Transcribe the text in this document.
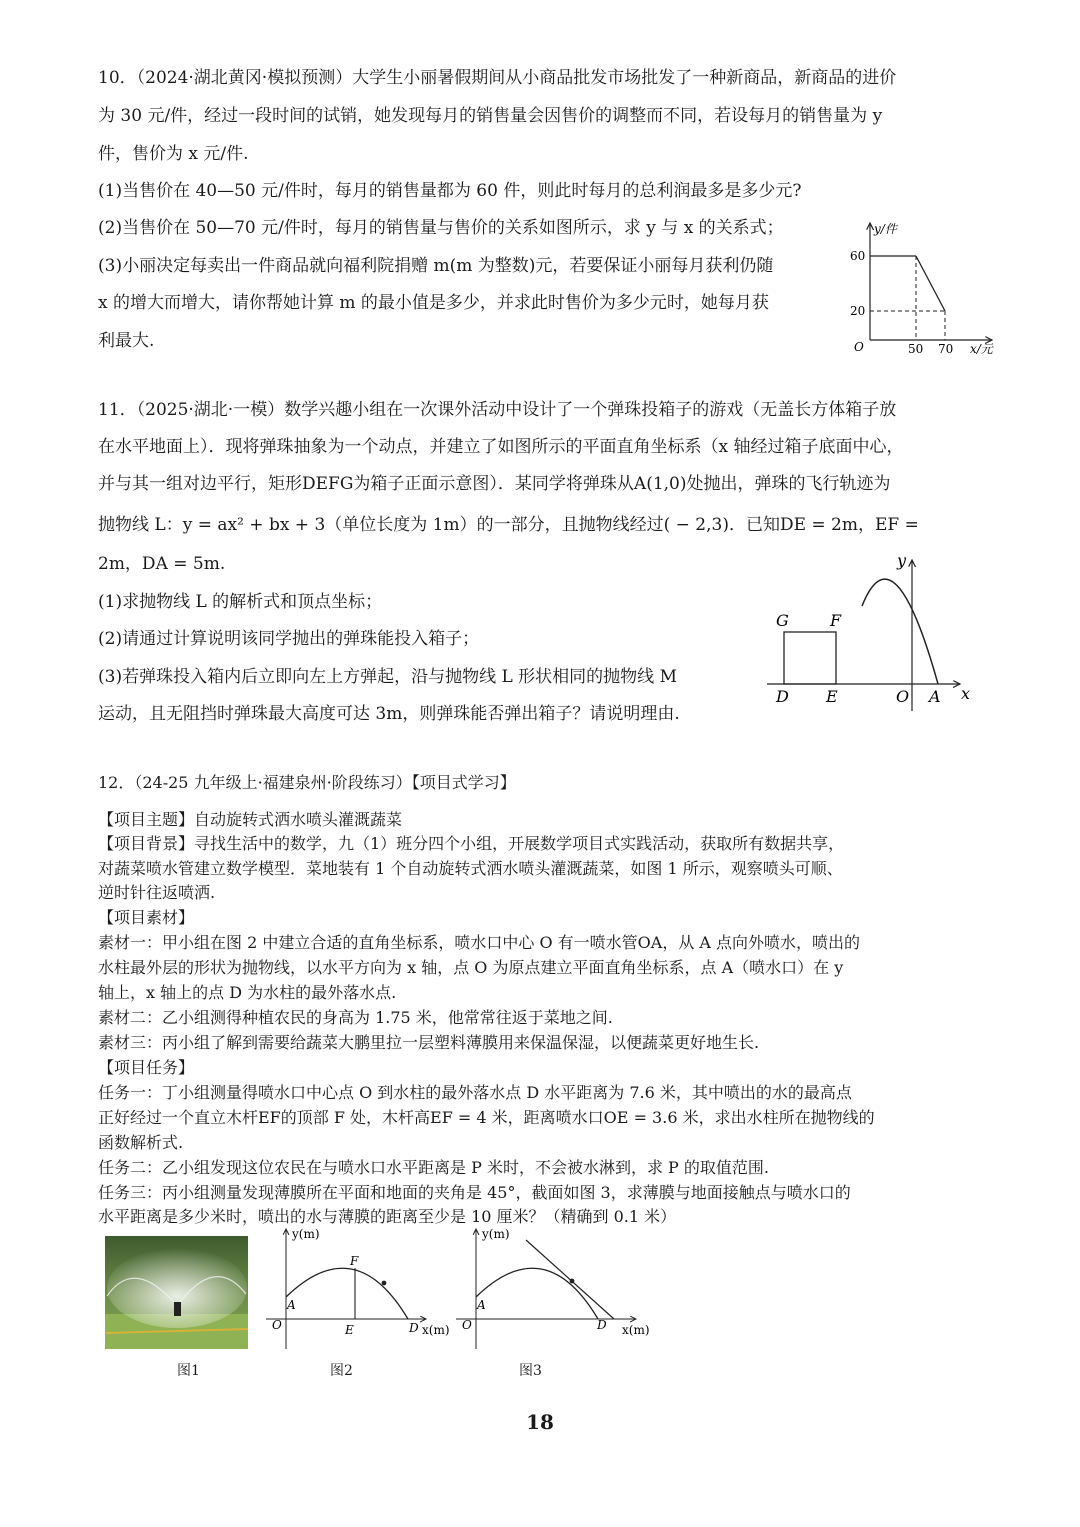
10．（2024·湖北黄冈·模拟预测）大学生小丽暑假期间从小商品批发市场批发了一种新商品，新商品的进价
为 30 元/件，经过一段时间的试销，她发现每月的销售量会因售价的调整而不同，若设每月的销售量为 y
件，售价为 x 元/件.
(1)当售价在 40—50 元/件时，每月的销售量都为 60 件，则此时每月的总利润最多是多少元?
(2)当售价在 50—70 元/件时，每月的销售量与售价的关系如图所示，求 y 与 x 的关系式；
(3)小丽决定每卖出一件商品就向福利院捐赠 m(m 为整数)元，若要保证小丽每月获利仍随
x 的增大而增大，请你帮她计算 m 的最小值是多少，并求此时售价为多少元时，她每月获
利最大.
y/件
x/元
O
60
20
50 70
11．（2025·湖北·一模）数学兴趣小组在一次课外活动中设计了一个弹珠投箱子的游戏（无盖长方体箱子放
在水平地面上）．现将弹珠抽象为一个动点，并建立了如图所示的平面直角坐标系（x 轴经过箱子底面中心，
并与其一组对边平行，矩形DEFG为箱子正面示意图）．某同学将弹珠从A(1,0)处抛出，弹珠的飞行轨迹为
抛物线 L：y = ax² + bx + 3（单位长度为 1m）的一部分，且抛物线经过( − 2,3)．已知DE = 2m，EF =
2m，DA = 5m.
(1)求抛物线 L 的解析式和顶点坐标；
(2)请通过计算说明该同学抛出的弹珠能投入箱子；
(3)若弹珠投入箱内后立即向左上方弹起，沿与抛物线 L 形状相同的抛物线 M
运动，且无阻挡时弹珠最大高度可达 3m，则弹珠能否弹出箱子？请说明理由.
G	F
D E	O A x
y
12．（24-25 九年级上·福建泉州·阶段练习）【项目式学习】
【项目主题】自动旋转式洒水喷头灌溉蔬菜
【项目背景】寻找生活中的数学，九（1）班分四个小组，开展数学项目式实践活动，获取所有数据共享，
对蔬菜喷水管建立数学模型．菜地装有 1 个自动旋转式洒水喷头灌溉蔬菜，如图 1 所示，观察喷头可顺、
逆时针往返喷洒.
【项目素材】
素材一：甲小组在图 2 中建立合适的直角坐标系，喷水口中心 O 有一喷水管OA，从 A 点向外喷水，喷出的
水柱最外层的形状为抛物线，以水平方向为 x 轴，点 O 为原点建立平面直角坐标系，点 A（喷水口）在 y
轴上，x 轴上的点 D 为水柱的最外落水点.
素材二：乙小组测得种植农民的身高为 1.75 米，他常常往返于菜地之间.
素材三：丙小组了解到需要给蔬菜大鹏里拉一层塑料薄膜用来保温保湿，以便蔬菜更好地生长.
【项目任务】
任务一：丁小组测量得喷水口中心点 O 到水柱的最外落水点 D 水平距离为 7.6 米，其中喷出的水的最高点
正好经过一个直立木杆EF的顶部 F 处，木杆高EF = 4 米，距离喷水口OE = 3.6 米，求出水柱所在抛物线的
函数解析式.
任务二：乙小组发现这位农民在与喷水口水平距离是 P 米时，不会被水淋到，求 P 的取值范围.
任务三：丙小组测量发现薄膜所在平面和地面的夹角是 45°，截面如图 3，求薄膜与地面接触点与喷水口的
水平距离是多少米时，喷出的水与薄膜的距离至少是 10 厘米？（精确到 0.1 米）
y(m)
x(m)
F
A
O	E	D
y(m)
x(m)
A
O	D
图1	图2	图3
18
